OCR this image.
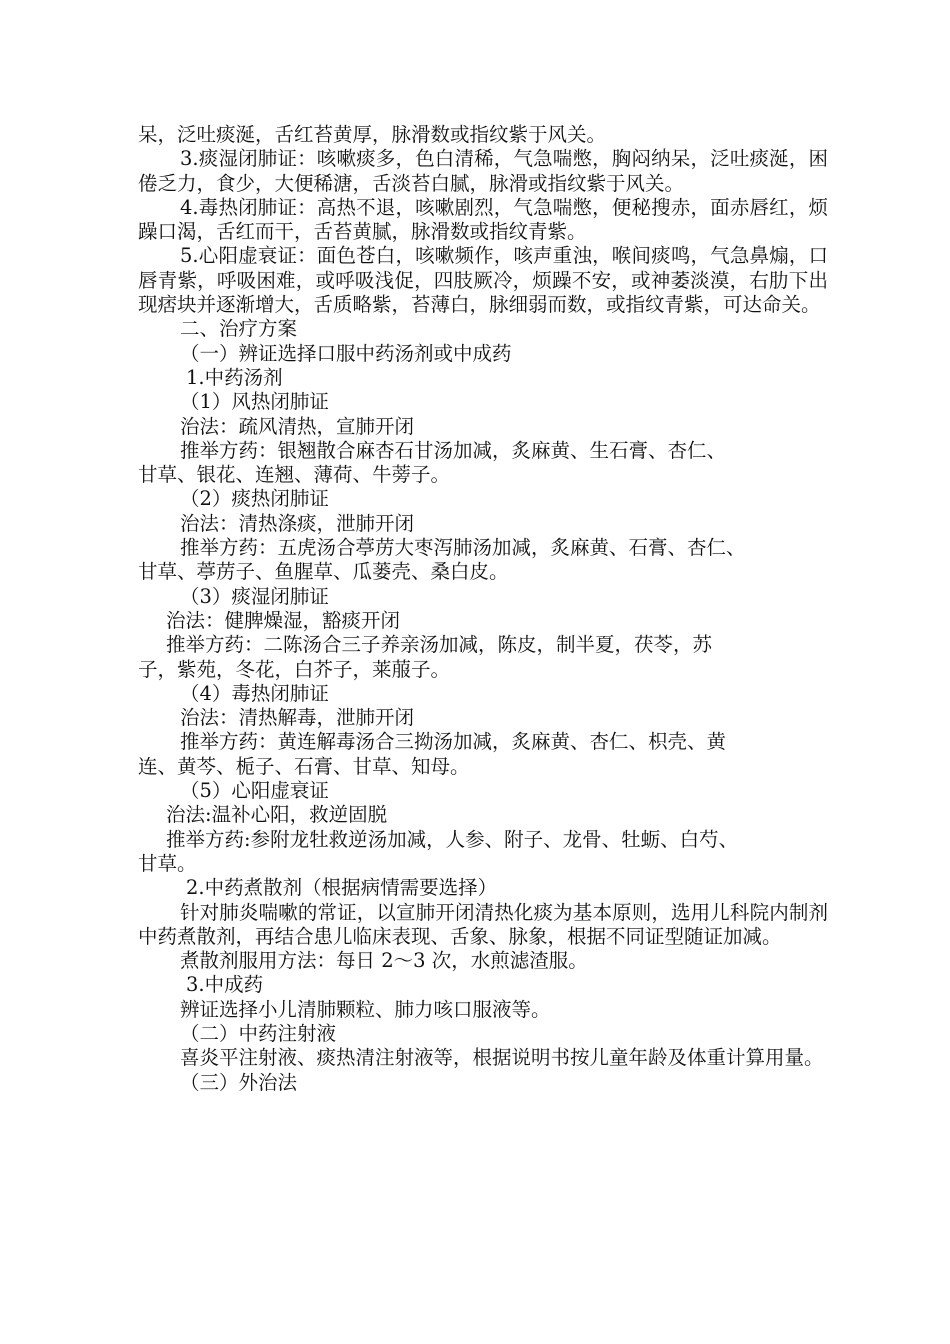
呆，泛吐痰涎，舌红苔黄厚，脉滑数或指纹紫于风关。

3.痰湿闭肺证：咳嗽痰多，色白清稀，气急喘憋，胸闷纳呆，泛吐痰涎，困倦乏力，食少，大便稀溏，舌淡苔白腻，脉滑或指纹紫于风关。

4.毒热闭肺证：高热不退，咳嗽剧烈，气急喘憋，便秘搜赤，面赤唇红，烦躁口渴，舌红而干，舌苔黄腻，脉滑数或指纹青紫。

5.心阳虚衰证：面色苍白，咳嗽频作，咳声重浊，喉间痰鸣，气急鼻煽，口唇青紫，呼吸困难，或呼吸浅促，四肢厥冷，烦躁不安，或神萎淡漠，右肋下出现痞块并逐渐增大，舌质略紫，苔薄白，脉细弱而数，或指纹青紫，可达命关。

二、治疗方案

（一）辨证选择口服中药汤剂或中成药

1.中药汤剂

（1）风热闭肺证

治法：疏风清热，宣肺开闭

推举方药：银翘散合麻杏石甘汤加减，炙麻黄、生石膏、杏仁、

甘草、银花、连翘、薄荷、牛蒡子。

（2）痰热闭肺证

治法：清热涤痰，泄肺开闭

推举方药：五虎汤合葶苈大枣泻肺汤加减，炙麻黄、石膏、杏仁、

甘草、葶苈子、鱼腥草、瓜蒌壳、桑白皮。

（3）痰湿闭肺证

治法：健脾燥湿，豁痰开闭

推举方药：二陈汤合三子养亲汤加减，陈皮，制半夏，茯苓，苏

子，紫苑，冬花，白芥子，莱菔子。

（4）毒热闭肺证

治法：清热解毒，泄肺开闭

推举方药：黄连解毒汤合三拗汤加减，炙麻黄、杏仁、枳壳、黄

连、黄芩、栀子、石膏、甘草、知母。

（5）心阳虚衰证

治法:温补心阳，救逆固脱

推举方药:参附龙牡救逆汤加减，人参、附子、龙骨、牡蛎、白芍、

甘草。

2.中药煮散剂（根据病情需要选择）

针对肺炎喘嗽的常证，以宣肺开闭清热化痰为基本原则，选用儿科院内制剂中药煮散剂，再结合患儿临床表现、舌象、脉象，根据不同证型随证加减。

煮散剂服用方法：每日 2～3 次，水煎滤渣服。

3.中成药

辨证选择小儿清肺颗粒、肺力咳口服液等。

（二）中药注射液

喜炎平注射液、痰热清注射液等，根据说明书按儿童年龄及体重计算用量。

（三）外治法
